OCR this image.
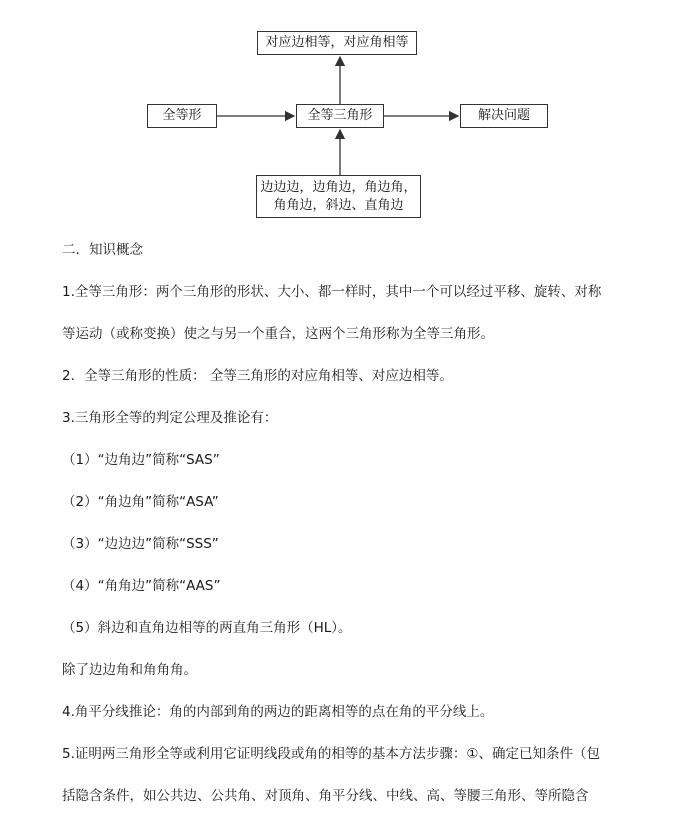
对应边相等，对应角相等
全等形	全等三角形	解决问题
边边边，边角边，角边角，
角角边，斜边、直角边
二．知识概念
1.全等三角形：两个三角形的形状、大小、都一样时，其中一个可以经过平移、旋转、对称
等运动（或称变换）使之与另一个重合，这两个三角形称为全等三角形。
2．全等三角形的性质： 全等三角形的对应角相等、对应边相等。
3.三角形全等的判定公理及推论有：
（1）“边角边”简称“SAS”
（2）“角边角”简称“ASA”
（3）“边边边”简称“SSS”
（4）“角角边”简称“AAS”
（5）斜边和直角边相等的两直角三角形（HL）。
除了边边角和角角角。
4.角平分线推论：角的内部到角的两边的距离相等的点在角的平分线上。
5.证明两三角形全等或利用它证明线段或角的相等的基本方法步骤：①、确定已知条件（包
括隐含条件，如公共边、公共角、对顶角、角平分线、中线、高、等腰三角形、等所隐含
